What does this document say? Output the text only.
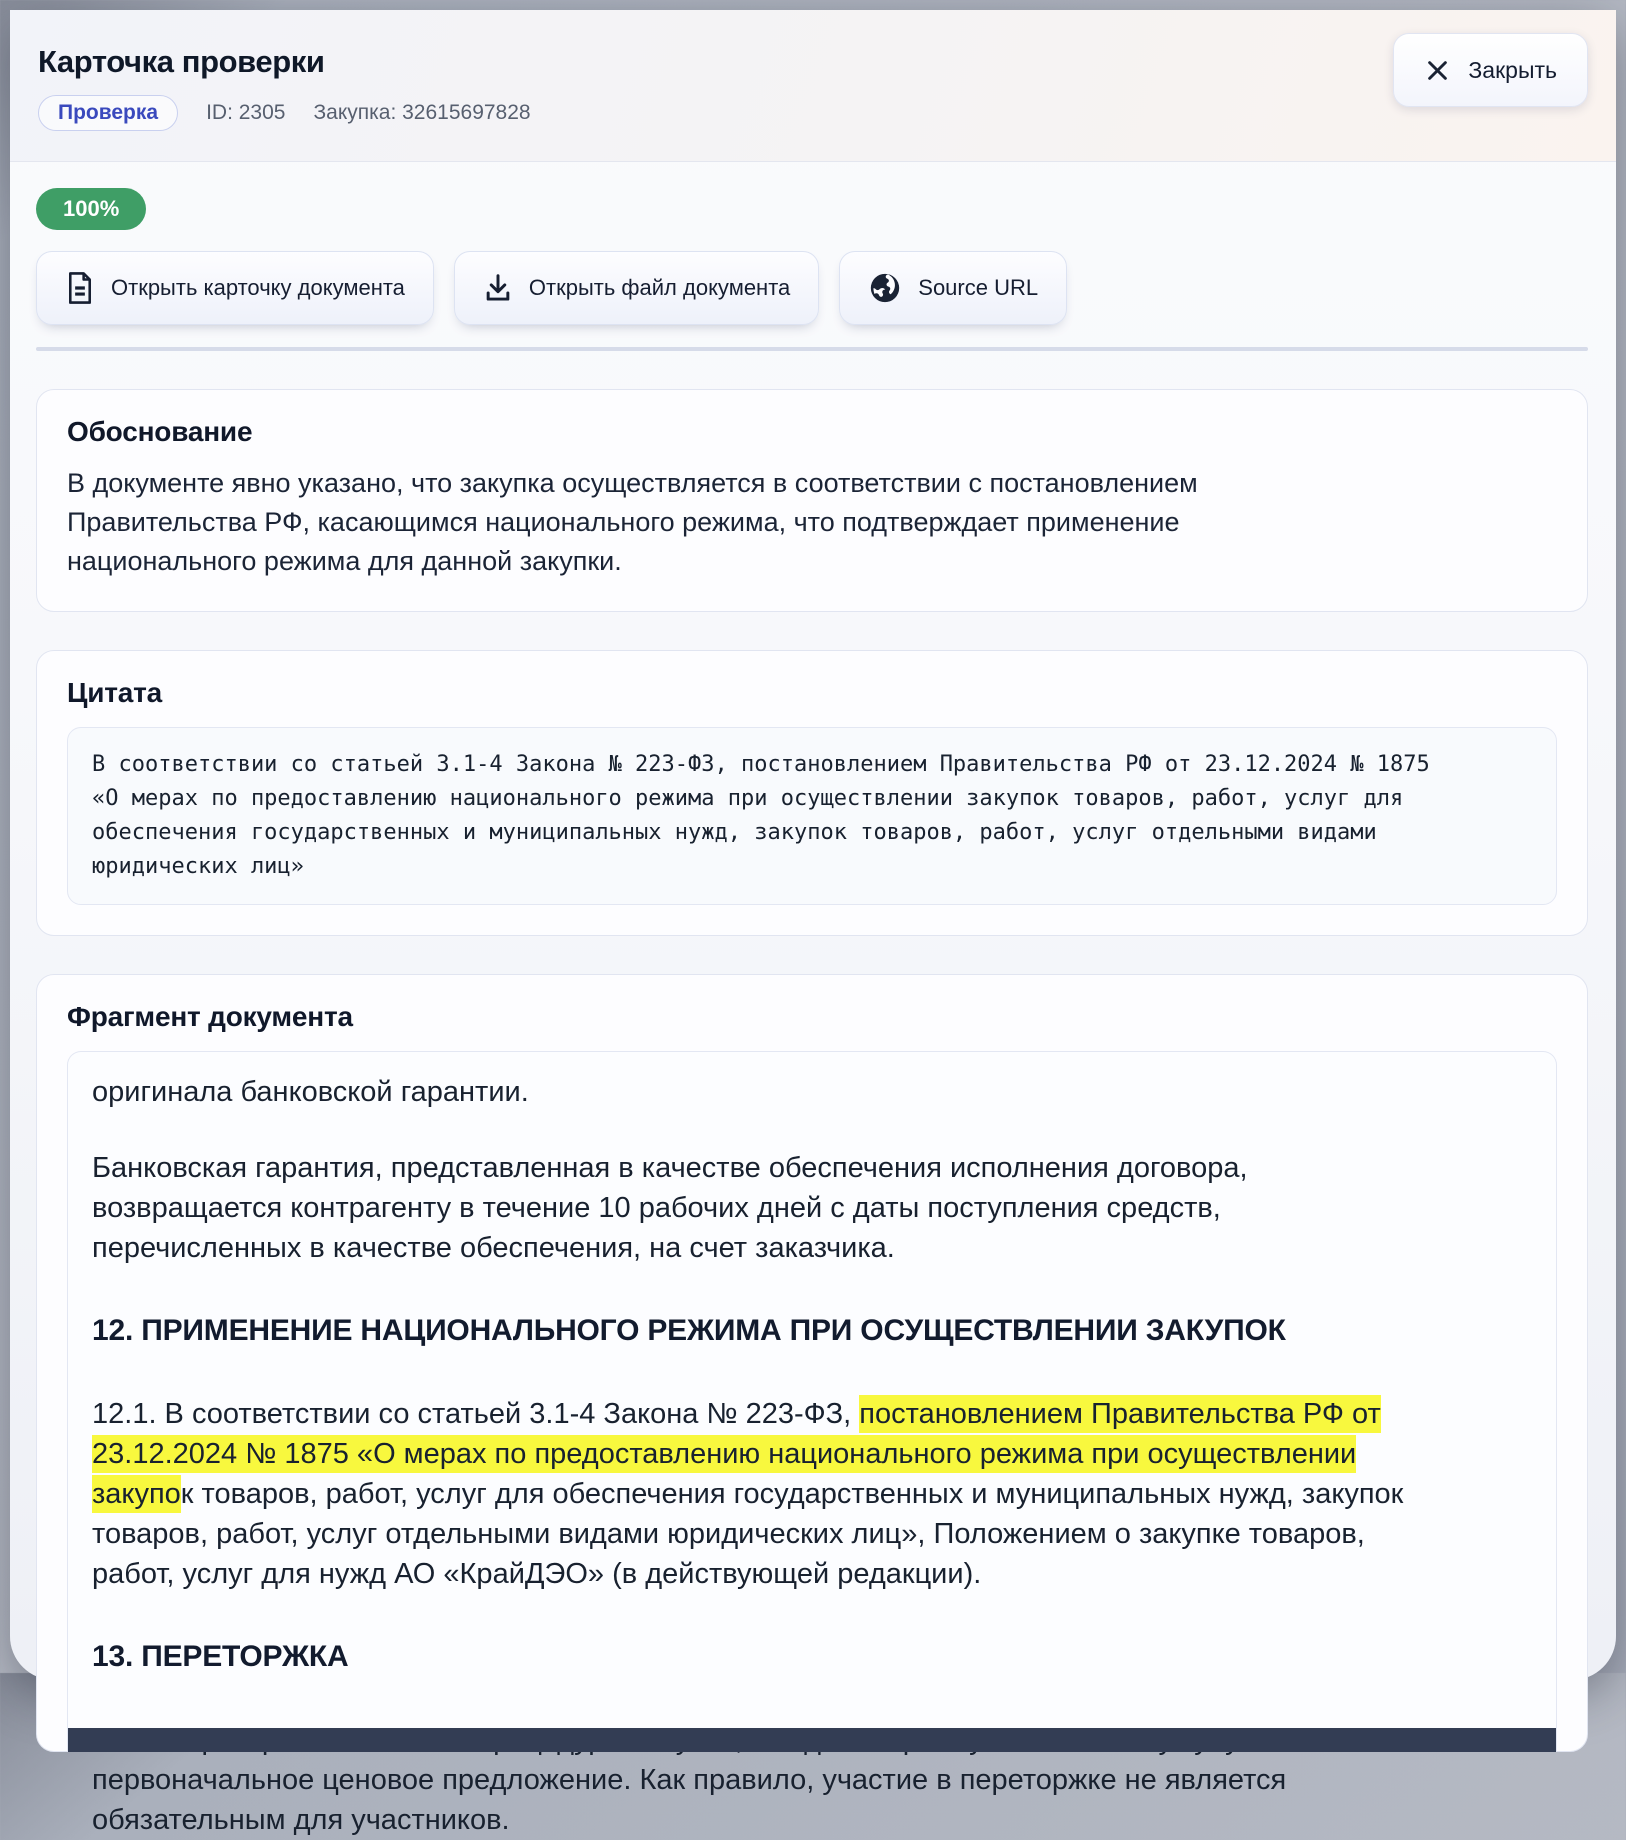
Карточка проверки
Проверка	ID: 2305 Закупка: 32615697828
Закрыть
100%
Открыть карточку документа	Открыть файл документа	Source URL
Обоснование

В документе явно указано, что закупка осуществляется в соответствии с постановлением Правительства РФ, касающимся национального режима, что подтверждает применение национального режима для данной закупки.

Цитата
В соответствии со статьей 3.1-4 Закона № 223-ФЗ, постановлением Правительства РФ от 23.12.2024 № 1875 «О мерах по предоставлению национального режима при осуществлении закупок товаров, работ, услуг для обеспечения государственных и муниципальных нужд, закупок товаров, работ, услуг отдельными видами юридических лиц»
Фрагмент документа

оригинала банковской гарантии.

Банковская гарантия, представленная в качестве обеспечения исполнения договора, возвращается контрагенту в течение 10 рабочих дней с даты поступления средств, перечисленных в качестве обеспечения, на счет заказчика.

12. ПРИМЕНЕНИЕ НАЦИОНАЛЬНОГО РЕЖИМА ПРИ ОСУЩЕСТВЛЕНИИ ЗАКУПОК

12.1. В соответствии со статьей 3.1-4 Закона № 223-ФЗ, постановлением Правительства РФ от 23.12.2024 № 1875 «О мерах по предоставлению национального режима при осуществлении закупок товаров, работ, услуг для обеспечения государственных и муниципальных нужд, закупок товаров, работ, услуг отдельными видами юридических лиц», Положением о закупке товаров, работ, услуг для нужд АО «КрайДЭО» (в действующей редакции).

13. ПЕРЕТОРЖКА

первоначальное ценовое предложение. Как правило, участие в переторжке не является обязательным для участников.
